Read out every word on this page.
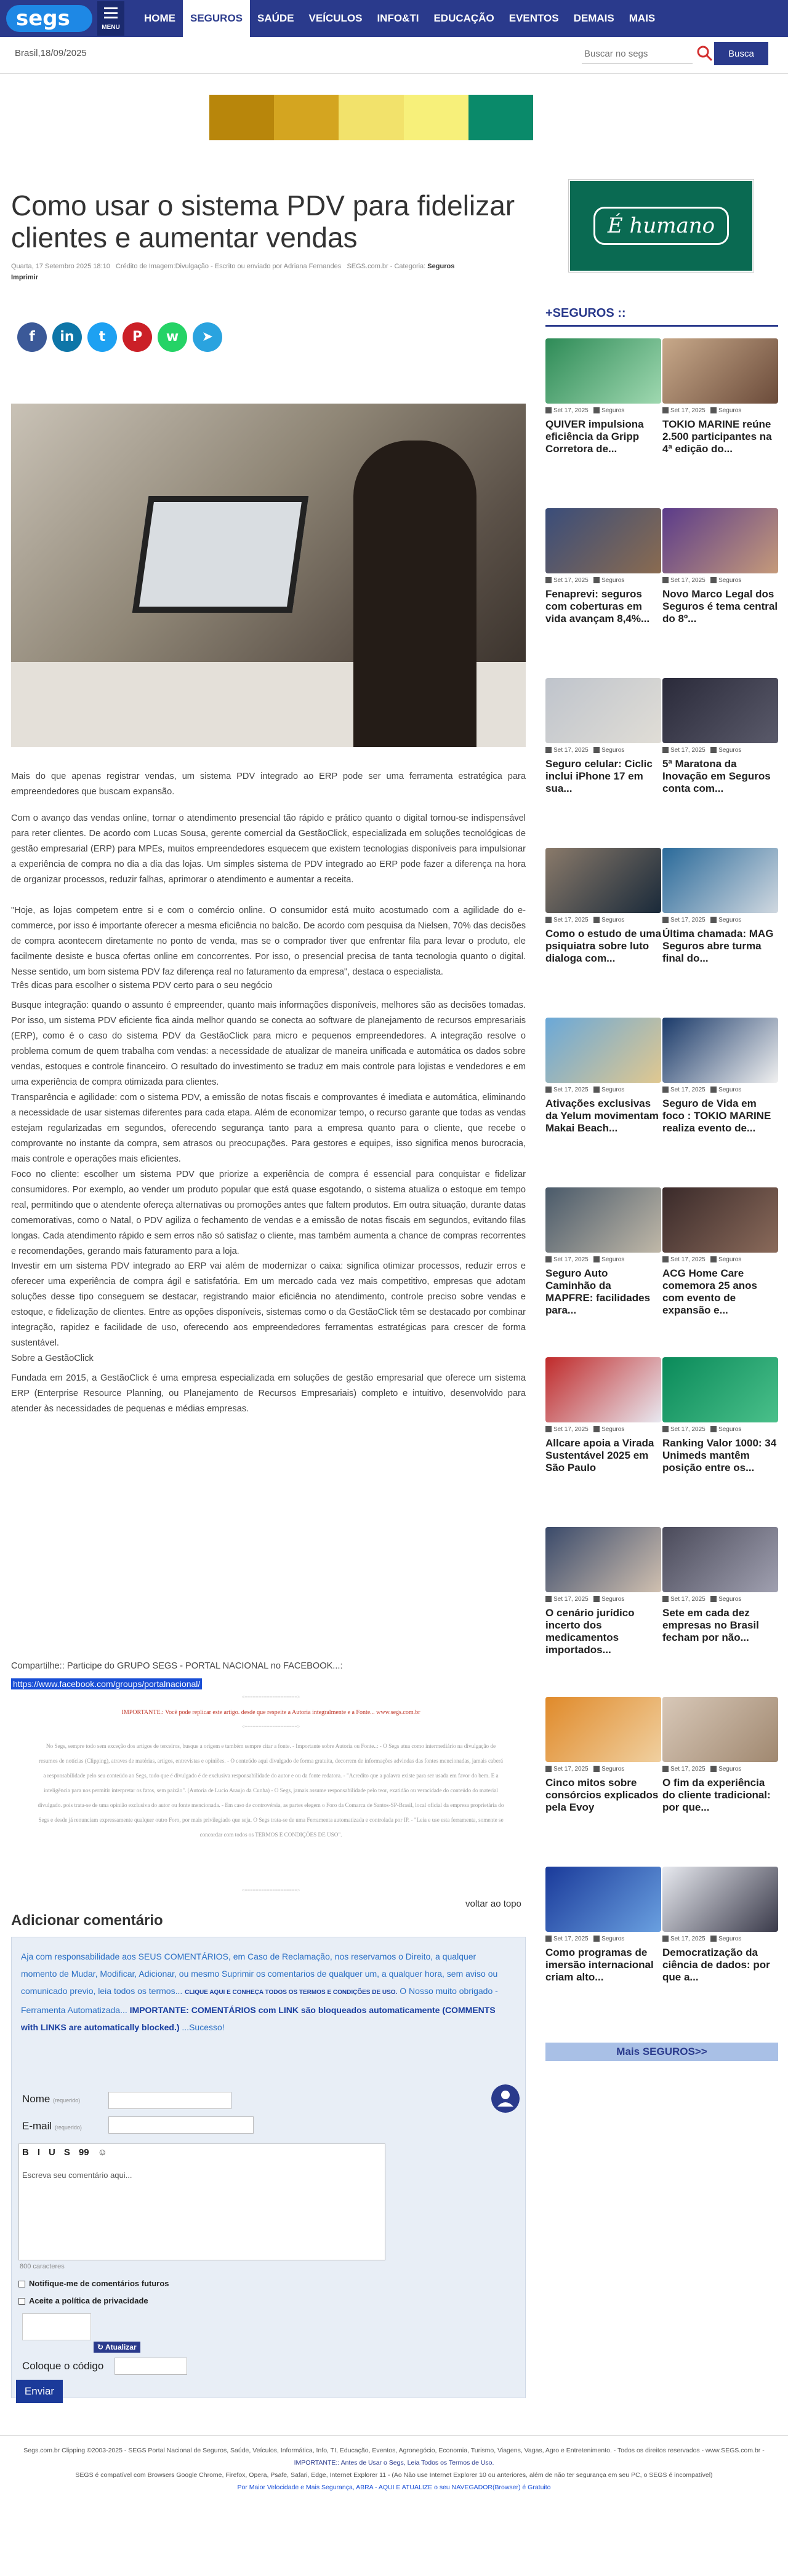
segs	MENU
HOME	SEGUROS	SAÚDE	VEÍCULOS	INFO&TI	EDUCAÇÃO	EVENTOS	DEMAIS	MAIS
Brasil,18/09/2025
Buscar no segs	Busca
Como usar o sistema PDV para fidelizar clientes e aumentar vendas
Quarta, 17 Setembro 2025 18:10 Crédito de Imagem:Divulgação - Escrito ou enviado por Adriana Fernandes SEGS.com.br - Categoria: Seguros
Imprimir
f	in	t	P	w	➤
Mais do que apenas registrar vendas, um sistema PDV integrado ao ERP pode ser uma ferramenta estratégica para empreendedores que buscam expansão.
Com o avanço das vendas online, tornar o atendimento presencial tão rápido e prático quanto o digital tornou-se indispensável para reter clientes. De acordo com Lucas Sousa, gerente comercial da GestãoClick, especializada em soluções tecnológicas de gestão empresarial (ERP) para MPEs, muitos empreendedores esquecem que existem tecnologias disponíveis para impulsionar a experiência de compra no dia a dia das lojas. Um simples sistema de PDV integrado ao ERP pode fazer a diferença na hora de organizar processos, reduzir falhas, aprimorar o atendimento e aumentar a receita.
"Hoje, as lojas competem entre si e com o comércio online. O consumidor está muito acostumado com a agilidade do e-commerce, por isso é importante oferecer a mesma eficiência no balcão. De acordo com pesquisa da Nielsen, 70% das decisões de compra acontecem diretamente no ponto de venda, mas se o comprador tiver que enfrentar fila para levar o produto, ele facilmente desiste e busca ofertas online em concorrentes. Por isso, o presencial precisa de tanta tecnologia quanto o digital. Nesse sentido, um bom sistema PDV faz diferença real no faturamento da empresa", destaca o especialista.
Três dicas para escolher o sistema PDV certo para o seu negócio
Busque integração: quando o assunto é empreender, quanto mais informações disponíveis, melhores são as decisões tomadas. Por isso, um sistema PDV eficiente fica ainda melhor quando se conecta ao software de planejamento de recursos empresariais (ERP), como é o caso do sistema PDV da GestãoClick para micro e pequenos empreendedores. A integração resolve o problema comum de quem trabalha com vendas: a necessidade de atualizar de maneira unificada e automática os dados sobre vendas, estoques e controle financeiro. O resultado do investimento se traduz em mais controle para lojistas e vendedores e em uma experiência de compra otimizada para clientes.
Transparência e agilidade: com o sistema PDV, a emissão de notas fiscais e comprovantes é imediata e automática, eliminando a necessidade de usar sistemas diferentes para cada etapa. Além de economizar tempo, o recurso garante que todas as vendas estejam regularizadas em segundos, oferecendo segurança tanto para a empresa quanto para o cliente, que recebe o comprovante no instante da compra, sem atrasos ou preocupações. Para gestores e equipes, isso significa menos burocracia, mais controle e operações mais eficientes.
Foco no cliente: escolher um sistema PDV que priorize a experiência de compra é essencial para conquistar e fidelizar consumidores. Por exemplo, ao vender um produto popular que está quase esgotando, o sistema atualiza o estoque em tempo real, permitindo que o atendente ofereça alternativas ou promoções antes que faltem produtos. Em outra situação, durante datas comemorativas, como o Natal, o PDV agiliza o fechamento de vendas e a emissão de notas fiscais em segundos, evitando filas longas. Cada atendimento rápido e sem erros não só satisfaz o cliente, mas também aumenta a chance de compras recorrentes e recomendações, gerando mais faturamento para a loja.
Investir em um sistema PDV integrado ao ERP vai além de modernizar o caixa: significa otimizar processos, reduzir erros e oferecer uma experiência de compra ágil e satisfatória. Em um mercado cada vez mais competitivo, empresas que adotam soluções desse tipo conseguem se destacar, registrando maior eficiência no atendimento, controle preciso sobre vendas e estoque, e fidelização de clientes. Entre as opções disponíveis, sistemas como o da GestãoClick têm se destacado por combinar integração, rapidez e facilidade de uso, oferecendo aos empreendedores ferramentas estratégicas para crescer de forma sustentável.
Sobre a GestãoClick
Fundada em 2015, a GestãoClick é uma empresa especializada em soluções de gestão empresarial que oferece um sistema ERP (Enterprise Resource Planning, ou Planejamento de Recursos Empresariais) completo e intuitivo, desenvolvido para atender às necessidades de pequenas e médias empresas.
Compartilhe:: Participe do GRUPO SEGS - PORTAL NACIONAL no FACEBOOK...:
https://www.facebook.com/groups/portalnacional/
<===================>
IMPORTANTE.: Você pode replicar este artigo. desde que respeite a Autoria integralmente e a Fonte... www.segs.com.br
<===================>
No Segs, sempre todo sem exceção dos artigos de terceiros, busque a origem e também sempre citar a fonte. - Importante sobre Autoria ou Fonte..: - O Segs atua como intermediário na divulgação de resumos de notícias (Clipping), atraves de matérias, artigos, entrevistas e opiniões. - O conteúdo aqui divulgado de forma gratuita, decorrem de informações advindas das fontes mencionadas, jamais caberá a responsabilidade pelo seu conteúdo ao Segs, tudo que é divulgado é de exclusiva responsabilidade do autor e ou da fonte redatora. - "Acredito que a palavra existe para ser usada em favor do bem. E a inteligência para nos permitir interpretar os fatos, sem paixão". (Autoria de Lucio Araujo da Cunha) - O Segs, jamais assume responsabilidade pelo teor, exatidão ou veracidade do conteúdo do material divulgado. pois trata-se de uma opinião exclusiva do autor ou fonte mencionada. - Em caso de controvérsia, as partes elegem o Foro da Comarca de Santos-SP-Brasil, local oficial da empresa proprietária do Segs e desde já renunciam expressamente qualquer outro Foro, por mais privilegiado que seja. O Segs trata-se de uma Ferramenta automatizada e controlada por IP. - "Leia e use esta ferramenta, somente se concordar com todos os TERMOS E CONDIÇÕES DE USO".
<===================>
voltar ao topo
Adicionar comentário
Aja com responsabilidade aos SEUS COMENTÁRIOS, em Caso de Reclamação, nos reservamos o Direito, a qualquer momento de Mudar, Modificar, Adicionar, ou mesmo Suprimir os comentarios de qualquer um, a qualquer hora, sem aviso ou comunicado previo, leia todos os termos... CLIQUE AQUI E CONHEÇA TODOS OS TERMOS E CONDIÇÕES DE USO. O Nosso muito obrigado - Ferramenta Automatizada... IMPORTANTE: COMENTÁRIOS com LINK são bloqueados automaticamente (COMMENTS with LINKS are automatically blocked.) ...Sucesso!
Nome (requerido)
E-mail (requerido)
B I U S 99 ☺
Escreva seu comentário aqui...
800 caracteres
Notifique-me de comentários futuros
Aceite a política de privacidade
↻ Atualizar
Coloque o código
Enviar
É humano
+SEGUROS ::
Set 17, 2025 Seguros
QUIVER impulsiona eficiência da Gripp Corretora de...
Set 17, 2025 Seguros
TOKIO MARINE reúne 2.500 participantes na 4ª edição do...
Set 17, 2025 Seguros
Fenaprevi: seguros com coberturas em vida avançam 8,4%...
Set 17, 2025 Seguros
Novo Marco Legal dos Seguros é tema central do 8º...
Set 17, 2025 Seguros
Seguro celular: Ciclic inclui iPhone 17 em sua...
Set 17, 2025 Seguros
5ª Maratona da Inovação em Seguros conta com...
Set 17, 2025 Seguros
Como o estudo de uma psiquiatra sobre luto dialoga com...
Set 17, 2025 Seguros
Última chamada: MAG Seguros abre turma final do...
Set 17, 2025 Seguros
Ativações exclusivas da Yelum movimentam Makai Beach...
Set 17, 2025 Seguros
Seguro de Vida em foco : TOKIO MARINE realiza evento de...
Set 17, 2025 Seguros
Seguro Auto Caminhão da MAPFRE: facilidades para...
Set 17, 2025 Seguros
ACG Home Care comemora 25 anos com evento de expansão e...
Set 17, 2025 Seguros
Allcare apoia a Virada Sustentável 2025 em São Paulo
Set 17, 2025 Seguros
Ranking Valor 1000: 34 Unimeds mantêm posição entre os...
Set 17, 2025 Seguros
O cenário jurídico incerto dos medicamentos importados...
Set 17, 2025 Seguros
Sete em cada dez empresas no Brasil fecham por não...
Set 17, 2025 Seguros
Cinco mitos sobre consórcios explicados pela Evoy
Set 17, 2025 Seguros
O fim da experiência do cliente tradicional: por que...
Set 17, 2025 Seguros
Como programas de imersão internacional criam alto...
Set 17, 2025 Seguros
Democratização da ciência de dados: por que a...
Mais SEGUROS>>
Segs.com.br Clipping ©2003-2025 - SEGS Portal Nacional de Seguros, Saúde, Veículos, Informática, Info, TI, Educação, Eventos, Agronegócio, Economia, Turismo, Viagens, Vagas, Agro e Entretenimento. - Todos os direitos reservados - www.SEGS.com.br -
IMPORTANTE:: Antes de Usar o Segs, Leia Todos os Termos de Uso.
SEGS é compatível com Browsers Google Chrome, Firefox, Opera, Psafe, Safari, Edge, Internet Explorer 11 - (Ao Não use Internet Explorer 10 ou anteriores, além de não ter segurança em seu PC, o SEGS é incompatível)
Por Maior Velocidade e Mais Segurança, ABRA - AQUI E ATUALIZE o seu NAVEGADOR(Browser) é Gratuito
